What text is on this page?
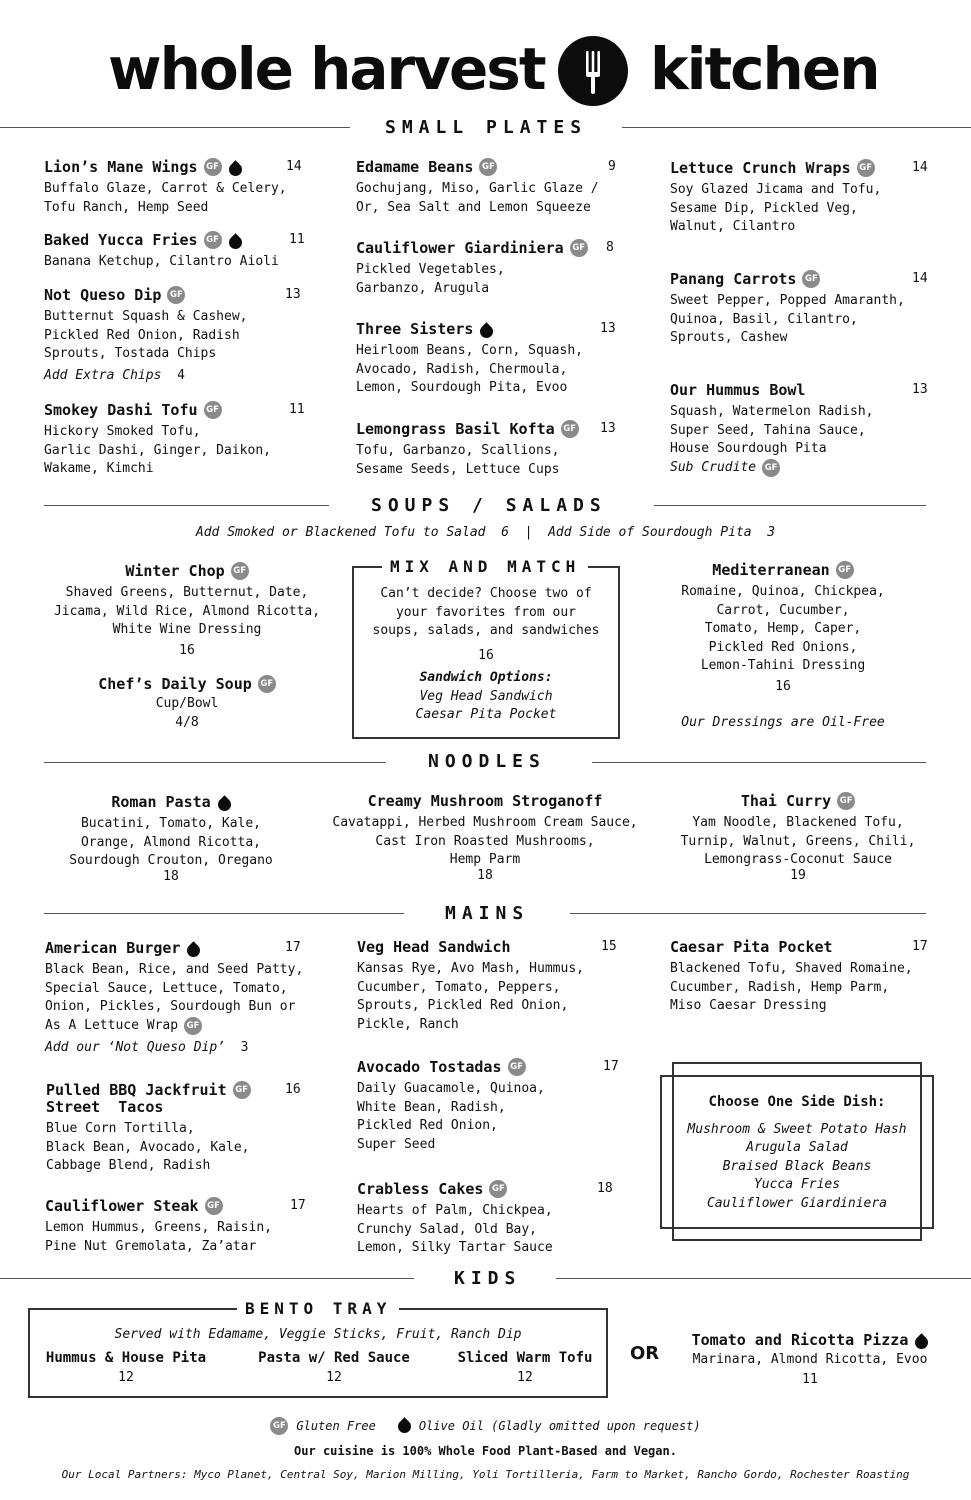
whole harvest kitchen
SMALL PLATES
Lion’s Mane Wings	GF
Buffalo Glaze, Carrot & Celery,
Tofu Ranch, Hemp Seed
14
Baked Yucca Fries	GF
Banana Ketchup, Cilantro Aioli
11
Not Queso Dip	GF
Butternut Squash & Cashew,
Pickled Red Onion, Radish
Sprouts, Tostada Chips
Add Extra Chips 4
13
Smokey Dashi Tofu	GF
Hickory Smoked Tofu,
Garlic Dashi, Ginger, Daikon,
Wakame, Kimchi
11
Edamame Beans	GF
Gochujang, Miso, Garlic Glaze /
Or, Sea Salt and Lemon Squeeze
9
Cauliflower Giardiniera	GF
Pickled Vegetables,
Garbanzo, Arugula
8
Three Sisters
Heirloom Beans, Corn, Squash,
Avocado, Radish, Chermoula,
Lemon, Sourdough Pita, Evoo
13
Lemongrass Basil Kofta	GF
Tofu, Garbanzo, Scallions,
Sesame Seeds, Lettuce Cups
13
Lettuce Crunch Wraps	GF
Soy Glazed Jicama and Tofu,
Sesame Dip, Pickled Veg,
Walnut, Cilantro
14
Panang Carrots	GF
Sweet Pepper, Popped Amaranth,
Quinoa, Basil, Cilantro,
Sprouts, Cashew
14
Our Hummus Bowl
Squash, Watermelon Radish,
Super Seed, Tahina Sauce,
House Sourdough Pita
Sub Crudite	GF
13
SOUPS / SALADS
Add Smoked or Blackened Tofu to Salad  6  |  Add Side of Sourdough Pita  3
Winter Chop	GF
Shaved Greens, Butternut, Date,
Jicama, Wild Rice, Almond Ricotta,
White Wine Dressing
16
Chef’s Daily Soup	GF
Cup/Bowl
4/8
MIX AND MATCH
Can’t decide? Choose two of
your favorites from our
soups, salads, and sandwiches
16
Sandwich Options:
Veg Head Sandwich
Caesar Pita Pocket
Mediterranean	GF
Romaine, Quinoa, Chickpea,
Carrot, Cucumber,
Tomato, Hemp, Caper,
Pickled Red Onions,
Lemon-Tahini Dressing
16
Our Dressings are Oil-Free
NOODLES
Roman Pasta
Bucatini, Tomato, Kale,
Orange, Almond Ricotta,
Sourdough Crouton, Oregano
18
Creamy Mushroom Stroganoff
Cavatappi, Herbed Mushroom Cream Sauce,
Cast Iron Roasted Mushrooms,
Hemp Parm
18
Thai Curry	GF
Yam Noodle, Blackened Tofu,
Turnip, Walnut, Greens, Chili,
Lemongrass-Coconut Sauce
19
MAINS
American Burger
Black Bean, Rice, and Seed Patty,
Special Sauce, Lettuce, Tomato,
Onion, Pickles, Sourdough Bun or
As A Lettuce Wrap	GF
Add our ‘Not Queso Dip’ 3
17
Pulled BBQ Jackfruit	GF
Street  Tacos
Blue Corn Tortilla,
Black Bean, Avocado, Kale,
Cabbage Blend, Radish
16
Cauliflower Steak	GF
Lemon Hummus, Greens, Raisin,
Pine Nut Gremolata, Za’atar
17
Veg Head Sandwich
Kansas Rye, Avo Mash, Hummus,
Cucumber, Tomato, Peppers,
Sprouts, Pickled Red Onion,
Pickle, Ranch
15
Avocado Tostadas	GF
Daily Guacamole, Quinoa,
White Bean, Radish,
Pickled Red Onion,
Super Seed
17
Crabless Cakes	GF
Hearts of Palm, Chickpea,
Crunchy Salad, Old Bay,
Lemon, Silky Tartar Sauce
18
Caesar Pita Pocket
Blackened Tofu, Shaved Romaine,
Cucumber, Radish, Hemp Parm,
Miso Caesar Dressing
17
Choose One Side Dish:
Mushroom & Sweet Potato Hash
Arugula Salad
Braised Black Beans
Yucca Fries
Cauliflower Giardiniera
KIDS
BENTO TRAY
Served with Edamame, Veggie Sticks, Fruit, Ranch Dip
Hummus & House Pita
12
Pasta w/ Red Sauce
12
Sliced Warm Tofu
12
OR
Tomato and Ricotta Pizza
Marinara, Almond Ricotta, Evoo
11
GF Gluten Free	Olive Oil (Gladly omitted upon request)
Our cuisine is 100% Whole Food Plant-Based and Vegan.
Our Local Partners: Myco Planet, Central Soy, Marion Milling, Yoli Tortilleria, Farm to Market, Rancho Gordo, Rochester Roasting
